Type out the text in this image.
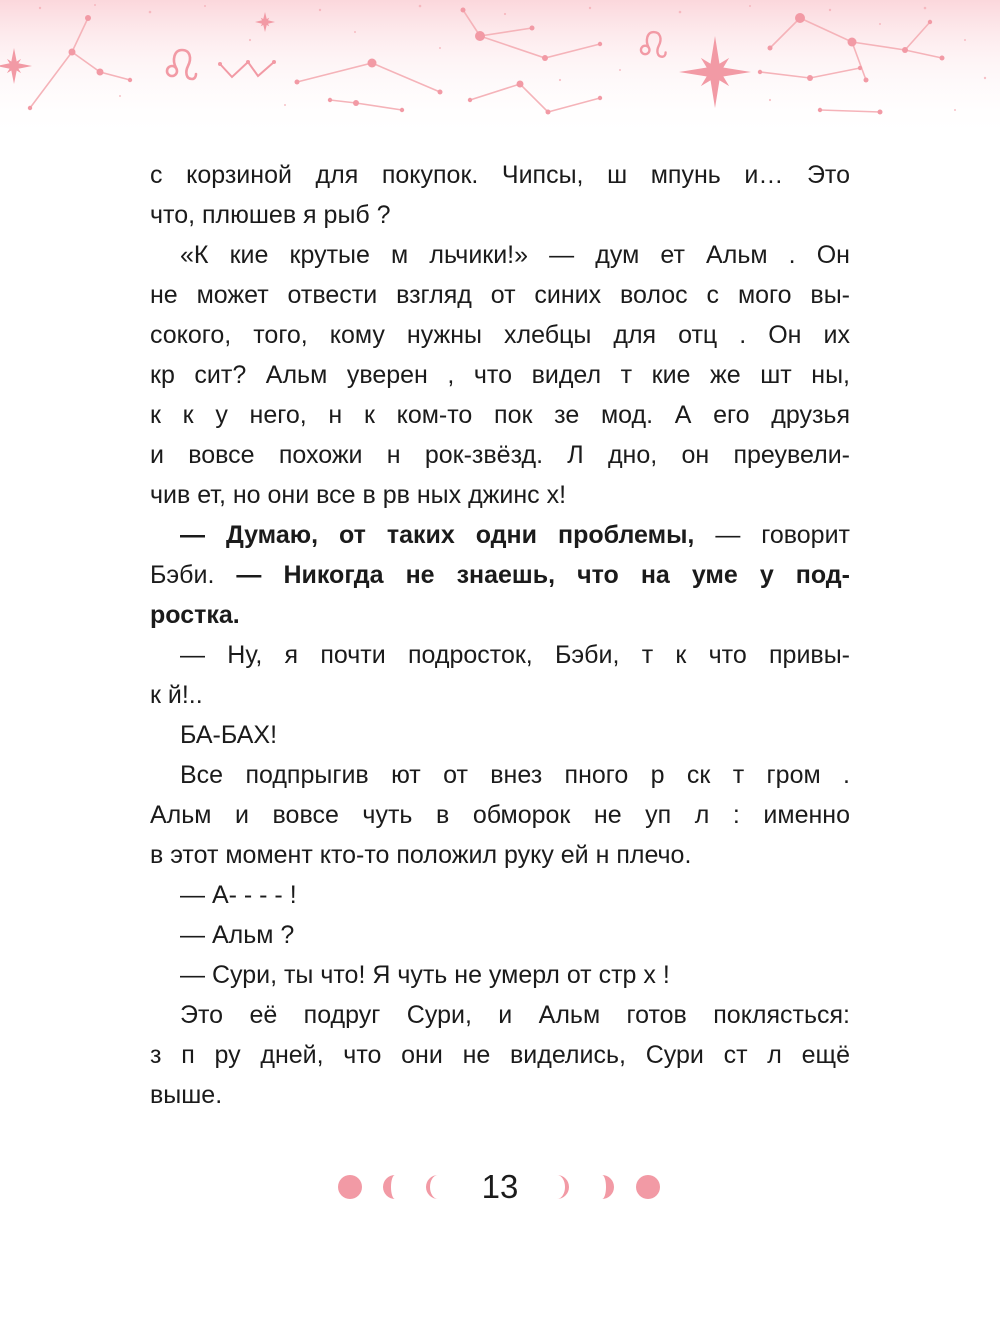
с корзиной для покупок. Чипсы, ш мпунь и… Это
что, плюшев я рыб ?
«К кие крутые м льчики!» — дум ет Альм . Он
не может отвести взгляд от синих волос с мого вы-
сокого, того, кому нужны хлебцы для отц . Он их
кр сит? Альм уверен , что видел т кие же шт ны,
к к у него, н к ком-то пок зе мод. А его друзья
и вовсе похожи н рок-звёзд. Л дно, он преувели-
чив ет, но они все в рв ных джинс х!
— Думаю, от таких одни проблемы, — говорит
Бэби. — Никогда не знаешь, что на уме у под-
ростка.
— Ну, я почти подросток, Бэби, т к что привы-
к й!..
БА-БАХ!
Все подпрыгив ют от внез пного р ск т гром .
Альм и вовсе чуть в обморок не уп л : именно
в этот момент кто-то положил руку ей н плечо.
— А- - - - !
— Альм ?
— Сури, ты что! Я чуть не умерл от стр х !
Это её подруг Сури, и Альм готов поклясться:
з п ру дней, что они не виделись, Сури ст л ещё
выше.
13
